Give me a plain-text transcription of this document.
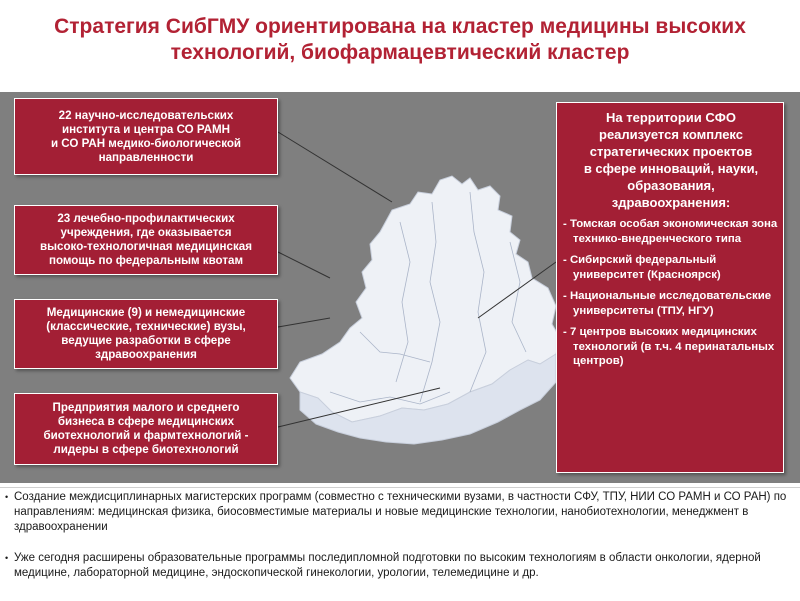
Стратегия СибГМУ ориентирована на кластер медицины высоких
технологий, биофармацевтический кластер
22 научно-исследовательских
института и центра СО РАМН
и СО РАН медико-биологической
направленности
23 лечебно-профилактических
учреждения, где оказывается
высоко-технологичная медицинская
помощь по федеральным квотам
Медицинские (9) и немедицинские
(классические, технические) вузы,
ведущие разработки в сфере
здравоохранения
Предприятия малого и среднего
бизнеса в сфере медицинских
биотехнологий и фармтехнологий -
лидеры в сфере биотехнологий
На территории СФО
реализуется комплекс
стратегических проектов
в сфере инноваций, науки,
образования,
здравоохранения:
- Томская особая экономическая зона технико-внедренческого типа
- Сибирский федеральный университет (Красноярск)
- Национальные исследовательские университеты (ТПУ, НГУ)
- 7 центров высоких медицинских технологий (в т.ч. 4 перинатальных центров)
• Создание междисциплинарных магистерских программ (совместно с техническими вузами, в частности СФУ, ТПУ, НИИ СО РАМН и СО РАН) по направлениям: медицинская физика, биосовместимые материалы и новые медицинские технологии, нанобиотехнологии, менеджмент в здравоохранении
• Уже сегодня расширены образовательные программы последипломной подготовки по высоким технологиям в области онкологии, ядерной медицине, лабораторной медицине, эндоскопической гинекологии, урологии, телемедицине и др.
